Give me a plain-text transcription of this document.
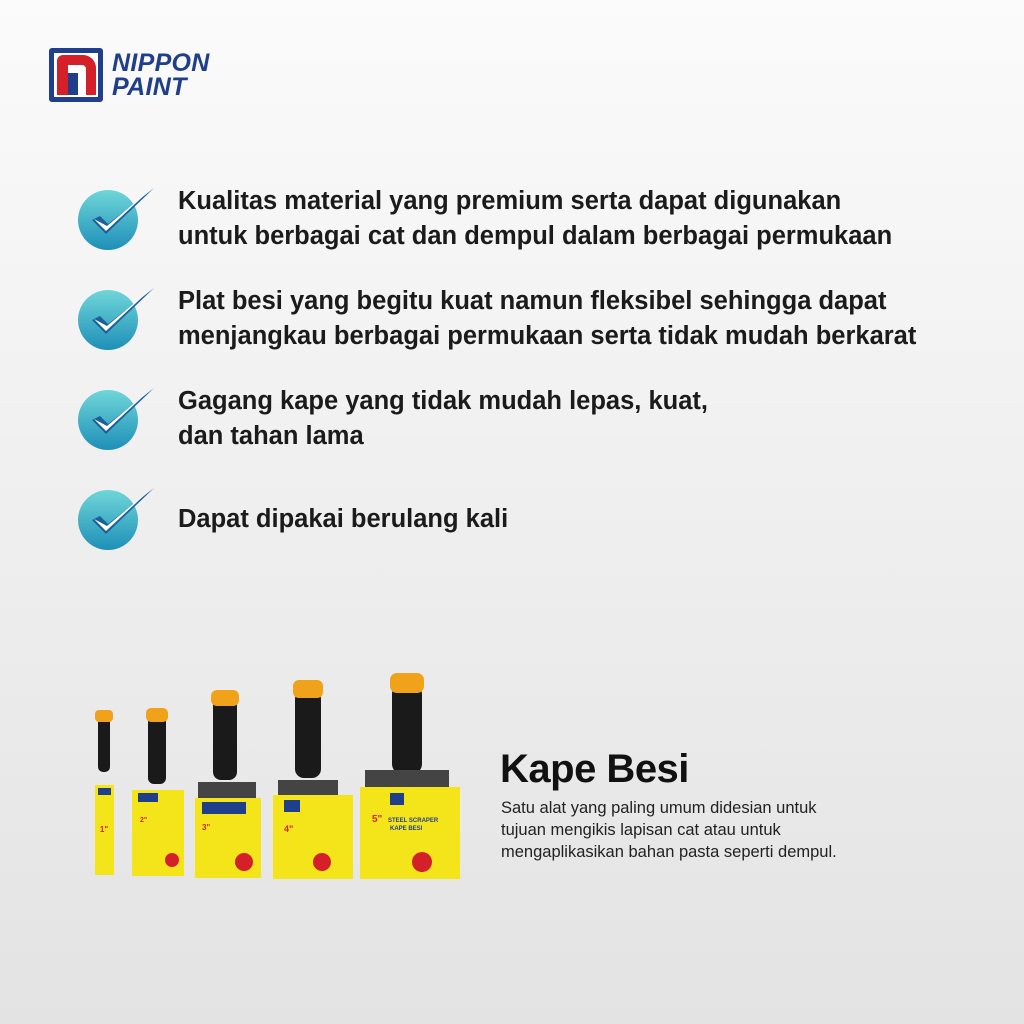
NIPPON
PAINT
Kualitas material yang premium serta dapat digunakan
untuk berbagai cat dan dempul dalam berbagai permukaan
Plat besi yang begitu kuat namun fleksibel sehingga dapat
menjangkau berbagai permukaan serta tidak mudah berkarat
Gagang kape yang tidak mudah lepas, kuat,
dan tahan lama
Dapat dipakai berulang kali
1"
2"
3"	4"
5" STEEL SCRAPER
KAPE BESI
Kape Besi
Satu alat yang paling umum didesian untuk
tujuan mengikis lapisan cat atau untuk
mengaplikasikan bahan pasta seperti dempul.
